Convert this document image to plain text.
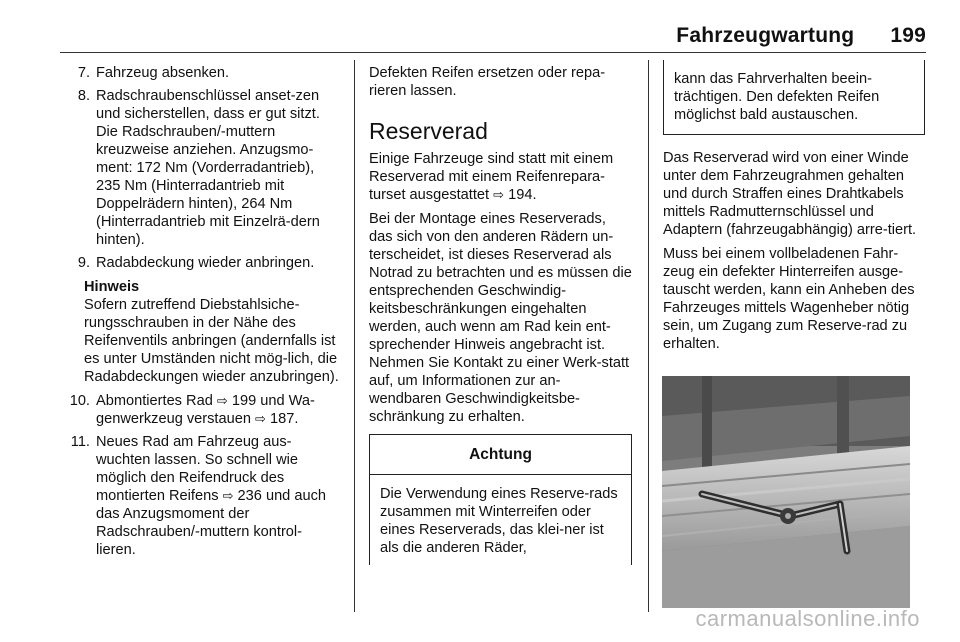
Fahrzeugwartung 199
7. Fahrzeug absenken.
8. Radschraubenschlüssel anset-zen und sicherstellen, dass er gut sitzt. Die Radschrauben/-muttern kreuzweise anziehen. Anzugsmo-ment: 172 Nm (Vorderradantrieb), 235 Nm (Hinterradantrieb mit Doppelrädern hinten), 264 Nm (Hinterradantrieb mit Einzelrä-dern hinten).
9. Radabdeckung wieder anbringen.
Hinweis
Sofern zutreffend Diebstahlsiche-rungsschrauben in der Nähe des Reifenventils anbringen (andernfalls ist es unter Umständen nicht mög-lich, die Radabdeckungen wieder anzubringen).
10. Abmontiertes Rad ⇨ 199 und Wa-genwerkzeug verstauen ⇨ 187.
11. Neues Rad am Fahrzeug aus-wuchten lassen. So schnell wie möglich den Reifendruck des montierten Reifens ⇨ 236 und auch das Anzugsmoment der Radschrauben/-muttern kontrol-lieren.

Defekten Reifen ersetzen oder repa-rieren lassen.

Reserverad

Einige Fahrzeuge sind statt mit einem Reserverad mit einem Reifenrepara-turset ausgestattet ⇨ 194.

Bei der Montage eines Reserverads, das sich von den anderen Rädern un-terscheidet, ist dieses Reserverad als Notrad zu betrachten und es müssen die entsprechenden Geschwindig-keitsbeschränkungen eingehalten werden, auch wenn am Rad kein ent-sprechender Hinweis angebracht ist. Nehmen Sie Kontakt zu einer Werk-statt auf, um Informationen zur an-wendbaren Geschwindigkeitsbe-schränkung zu erhalten.

Achtung
Die Verwendung eines Reserve-rads zusammen mit Winterreifen oder eines Reserverads, das klei-ner ist als die anderen Räder,
kann das Fahrverhalten beein-trächtigen. Den defekten Reifen möglichst bald austauschen.

Das Reserverad wird von einer Winde unter dem Fahrzeugrahmen gehalten und durch Straffen eines Drahtkabels mittels Radmutternschlüssel und Adaptern (fahrzeugabhängig) arre-tiert.

Muss bei einem vollbeladenen Fahr-zeug ein defekter Hinterreifen ausge-tauscht werden, kann ein Anheben des Fahrzeuges mittels Wagenheber nötig sein, um Zugang zum Reserve-rad zu erhalten.

carmanualsonline.info
